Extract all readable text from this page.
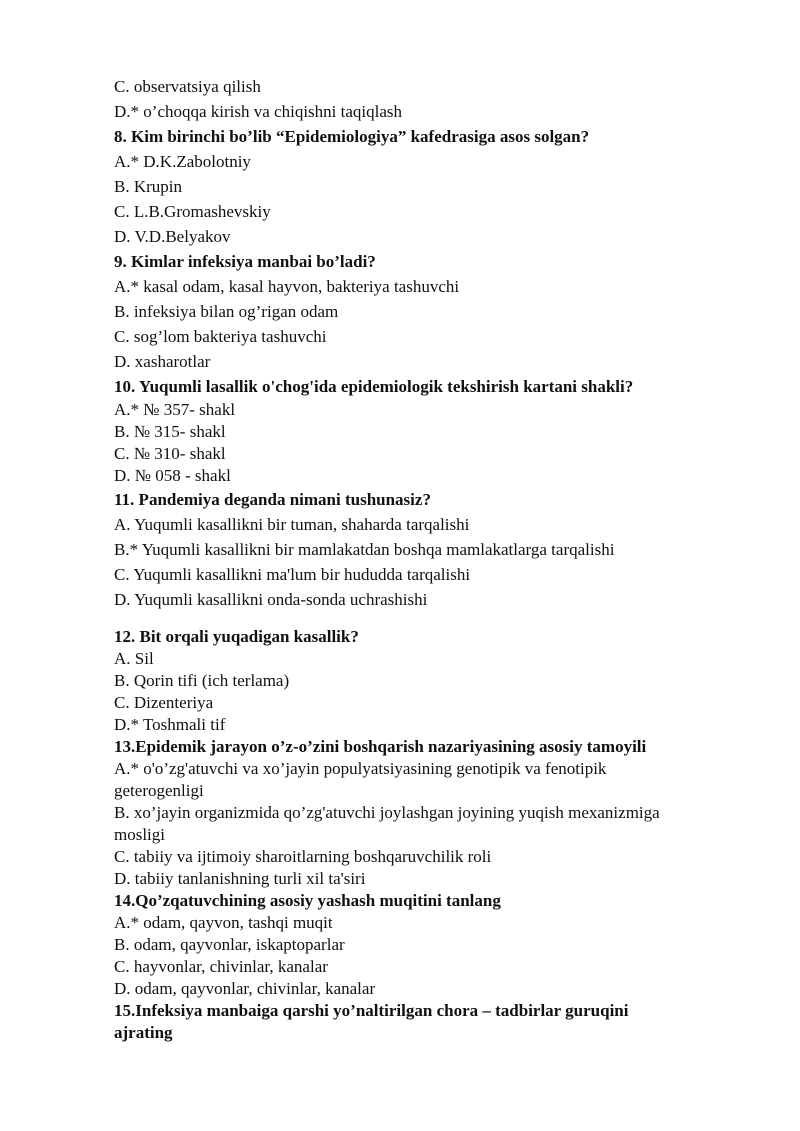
C. observatsiya qilish
D.* o’choqqa kirish va chiqishni taqiqlash
8. Kim birinchi bo’lib “Epidemiologiya” kafedrasiga asos solgan?
A.* D.K.Zabolotniy
B. Krupin
C. L.B.Gromashevskiy
D. V.D.Belyakov
9. Kimlar infeksiya manbai bo’ladi?
A.* kasal odam, kasal hayvon, bakteriya tashuvchi
B. infeksiya bilan og’rigan odam
C. sog’lom bakteriya tashuvchi
D. xasharotlar
10. Yuqumli lasallik o'chog'ida epidemiologik tekshirish kartani shakli?
A.* № 357- shakl
B. № 315- shakl
C. № 310- shakl
D. № 058 - shakl
11. Pandemiya deganda nimani tushunasiz?
A. Yuqumli kasallikni bir tuman, shaharda tarqalishi
B.* Yuqumli kasallikni bir mamlakatdan boshqa mamlakatlarga tarqalishi
C. Yuqumli kasallikni ma'lum bir hududda tarqalishi
D. Yuqumli kasallikni onda-sonda uchrashishi
12. Bit orqali yuqadigan kasallik?
A. Sil
B. Qorin tifi (ich terlama)
C. Dizenteriya
D.* Toshmali tif
13.Epidemik jarayon o’z-o’zini boshqarish nazariyasining asosiy tamoyili
A.* o'o’zg'atuvchi va xo’jayin populyatsiyasining genotipik va fenotipik
geterogenligi
B. xo’jayin organizmida qo’zg'atuvchi joylashgan joyining yuqish mexanizmiga
mosligi
C. tabiiy va ijtimoiy sharoitlarning boshqaruvchilik roli
D. tabiiy tanlanishning turli xil ta'siri
14.Qo’zqatuvchining asosiy yashash muqitini tanlang
A.* odam, qayvon, tashqi muqit
B. odam, qayvonlar, iskaptoparlar
C. hayvonlar, chivinlar, kanalar
D. odam, qayvonlar, chivinlar, kanalar
15.Infeksiya manbaiga qarshi yo’naltirilgan chora – tadbirlar guruqini
ajrating
